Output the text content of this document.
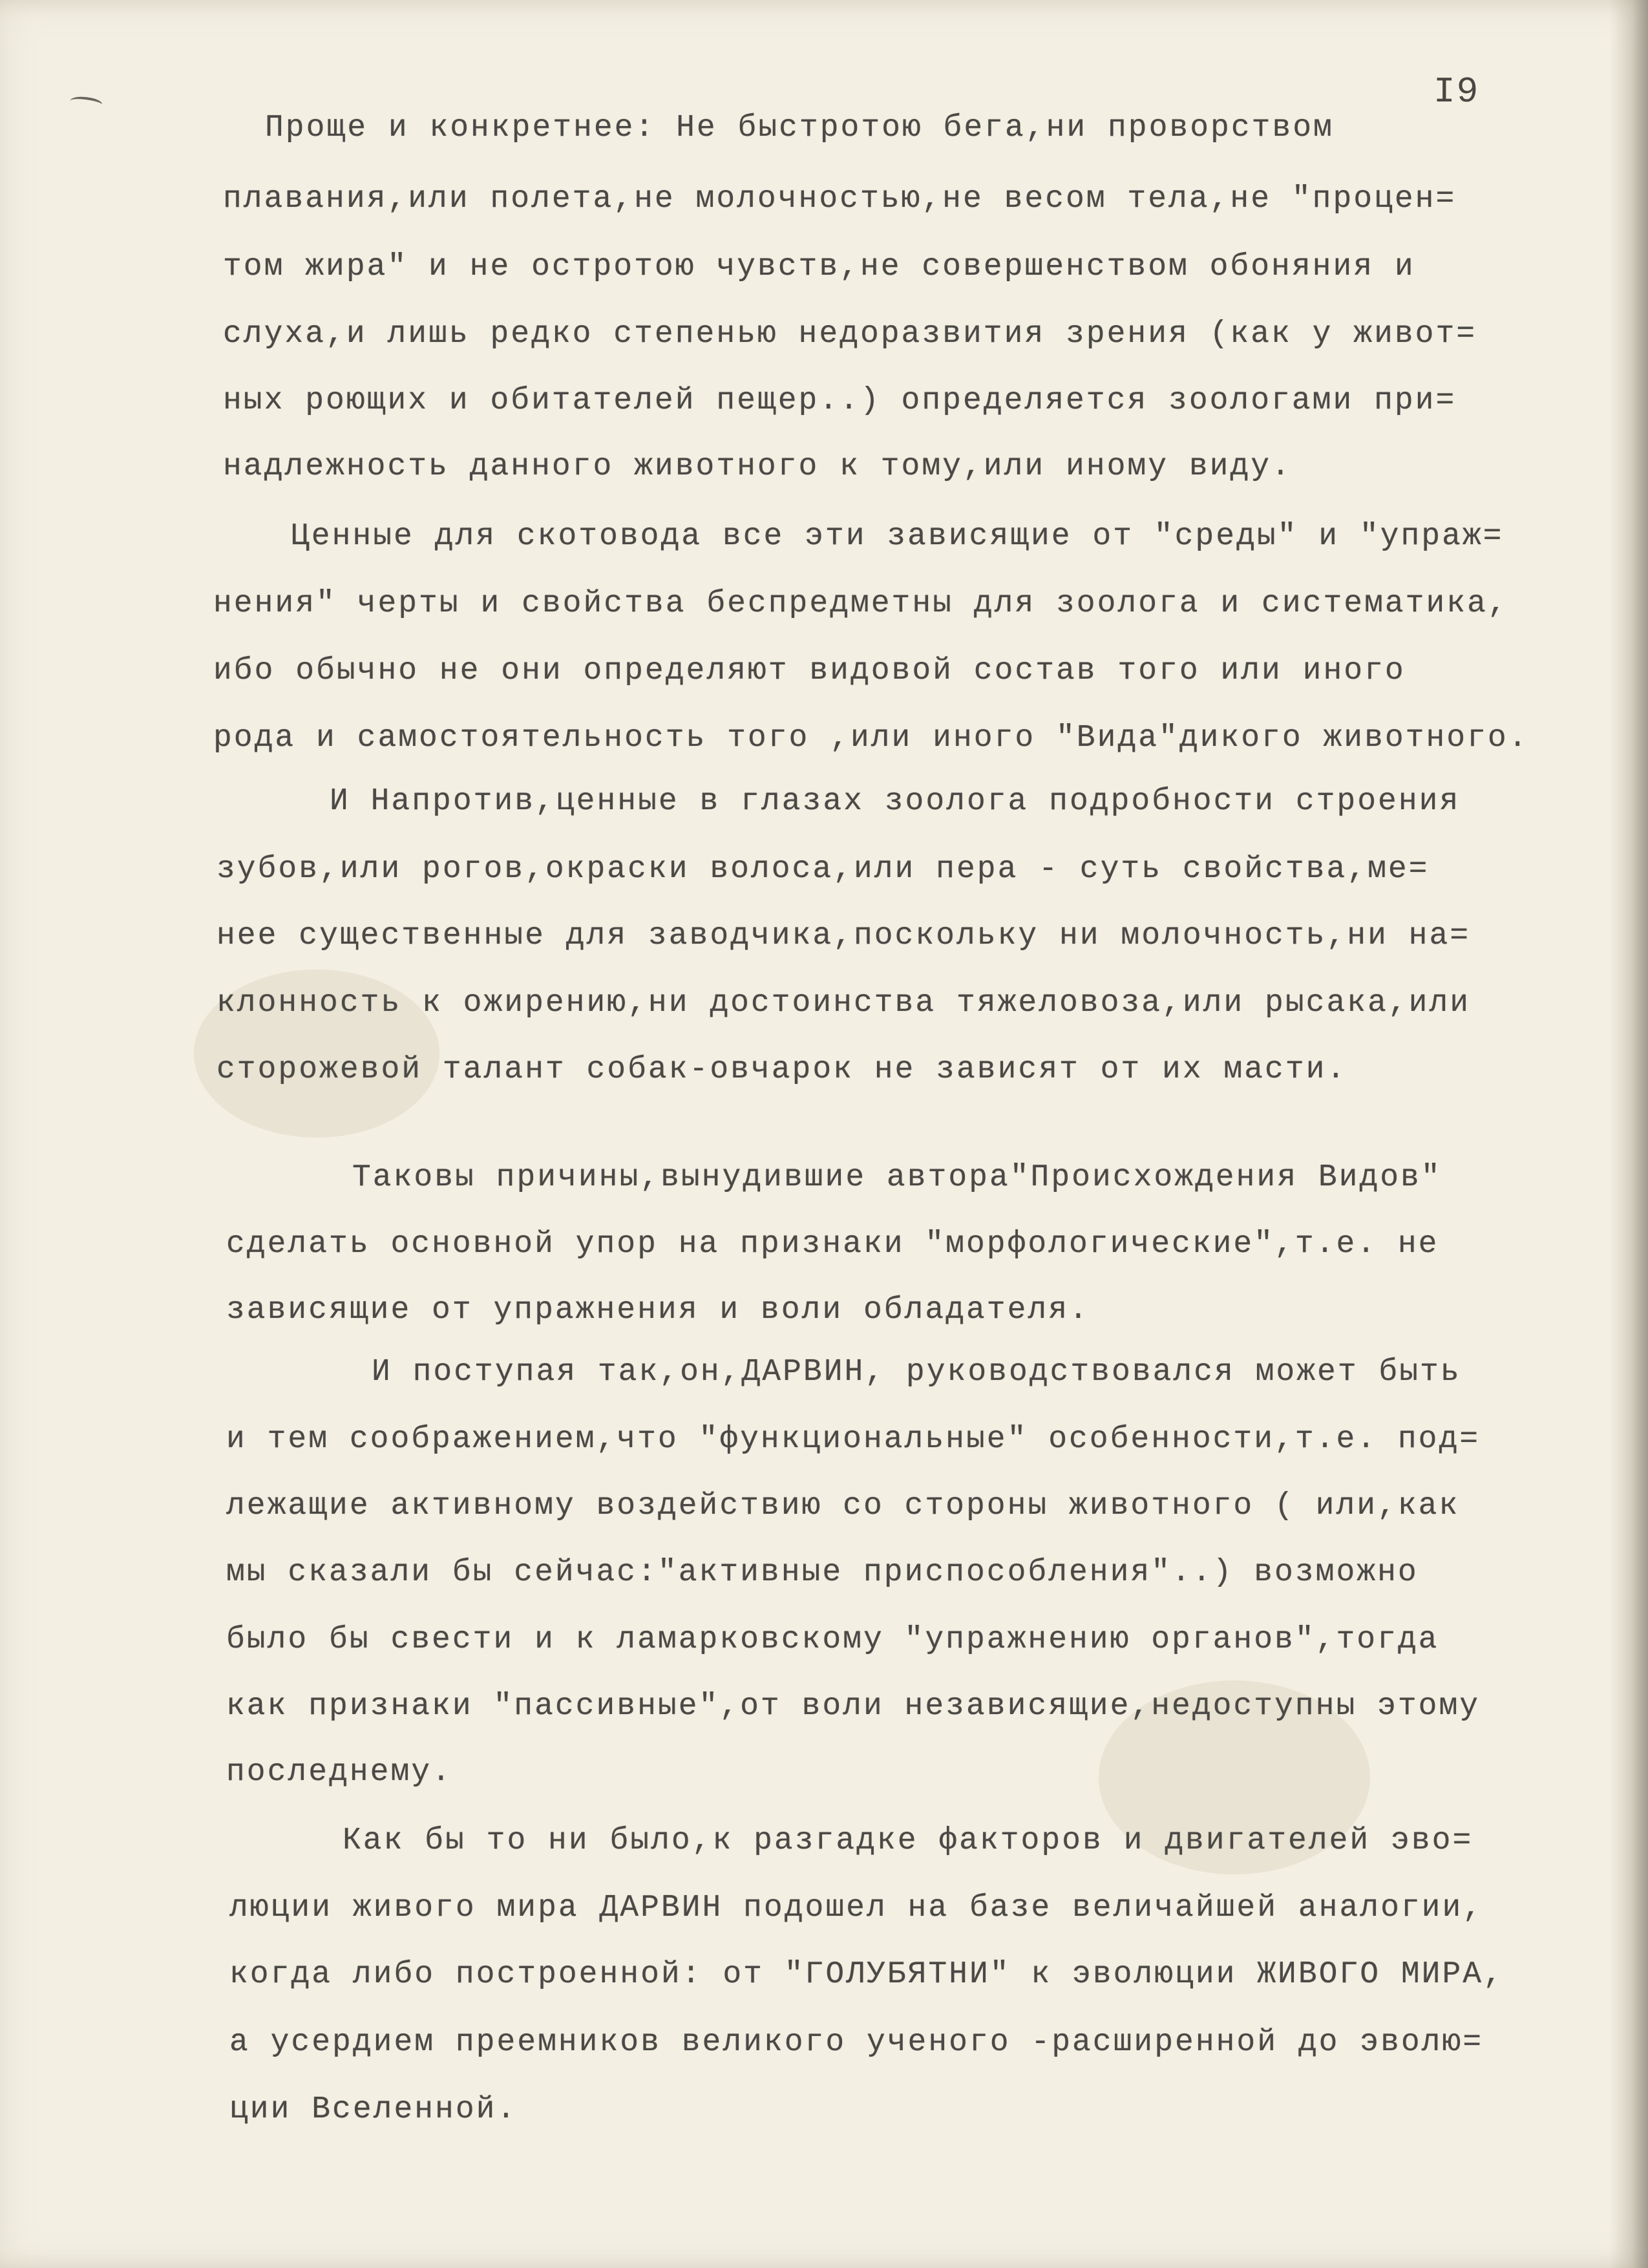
I9
Проще и конкретнее: Не быстротою бега,ни проворством
плавания,или полета,не молочностью,не весом тела,не "процен=
том жира" и не остротою чувств,не совершенством обоняния и
слуха,и лишь редко степенью недоразвития зрения (как у живот=
ных роющих и обитателей пещер..) определяется зоологами при=
надлежность данного животного к тому,или иному виду.
Ценные для скотовода все эти зависящие от "среды" и "упраж=
нения" черты и свойства беспредметны для зоолога и систематика,
ибо обычно не они определяют видовой состав того или иного
рода и самостоятельность того ,или иного "Вида"дикого животного.
И Напротив,ценные в глазах зоолога подробности строения
зубов,или рогов,окраски волоса,или пера - суть свойства,ме=
нее существенные для заводчика,поскольку ни молочность,ни на=
клонность к ожирению,ни достоинства тяжеловоза,или рысака,или
сторожевой талант собак-овчарок не зависят от их масти.
Таковы причины,вынудившие автора"Происхождения Видов"
сделать основной упор на признаки "морфологические",т.е. не
зависящие от упражнения и воли обладателя.
И поступая так,он,ДАРВИН, руководствовался может быть
и тем соображением,что "функциональные" особенности,т.е. под=
лежащие активному воздействию со стороны животного ( или,как
мы сказали бы сейчас:"активные приспособления"..) возможно
было бы свести и к ламарковскому "упражнению органов",тогда
как признаки "пассивные",от воли независящие,недоступны этому
последнему.
Как бы то ни было,к разгадке факторов и двигателей эво=
люции живого мира ДАРВИН подошел на базе величайшей аналогии,
когда либо построенной: от "ГОЛУБЯТНИ" к эволюции ЖИВОГО МИРА,
а усердием преемников великого ученого -расширенной до эволю=
ции Вселенной.
